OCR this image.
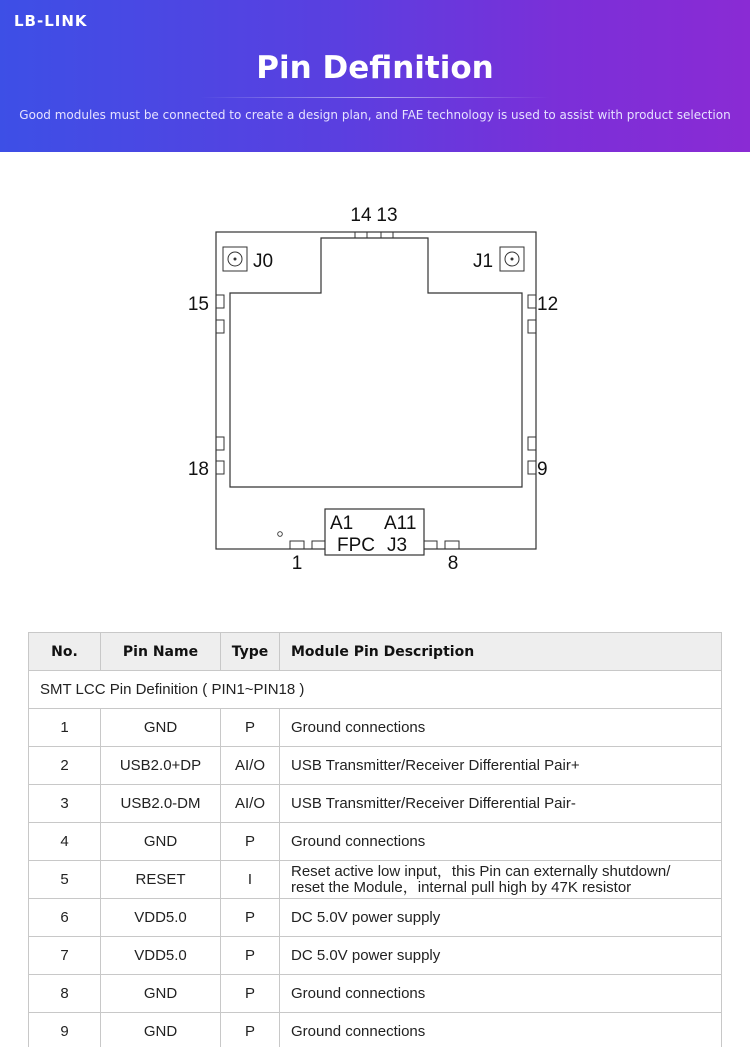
LB-LINK
Pin Definition
Good modules must be connected to create a design plan, and FAE technology is used to assist with product selection
14 13
J0	J1
15	12
18	9
A1 A11
FPC J3
1	8
No.	Pin Name	Type	Module Pin Description
SMT LCC Pin Definition ( PIN1~PIN18 )			
1	GND	P	Ground connections
2	USB2.0+DP	AI/O	USB Transmitter/Receiver Differential Pair+
3	USB2.0-DM	AI/O	USB Transmitter/Receiver Differential Pair-
4	GND	P	Ground connections
5	RESET	I	Reset active low input，this Pin can externally shutdown/
reset the Module，internal pull high by 47K resistor

6	VDD5.0	P	DC 5.0V power supply
7	VDD5.0	P	DC 5.0V power supply
8	GND	P	Ground connections
9	GND	P	Ground connections
